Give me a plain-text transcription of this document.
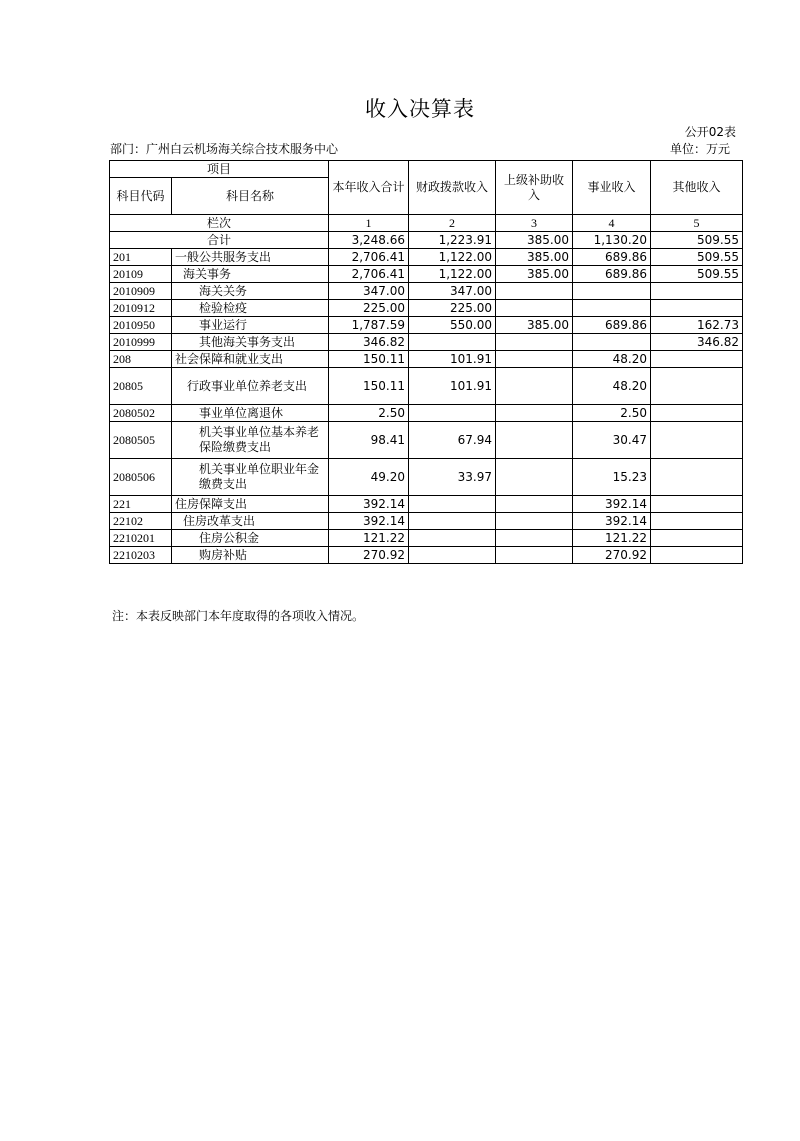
收入决算表
公开02表
部门：广州白云机场海关综合技术服务中心	单位：万元
项目		本年收入合计	财政拨款收入	上级补助收入	事业收入	其他收入
科目代码	科目名称					
栏次		1	2	3	4	5
合计		3,248.66	1,223.91	385.00	1,130.20	509.55
201	一般公共服务支出	2,706.41	1,122.00	385.00	689.86	509.55
20109	海关事务	2,706.41	1,122.00	385.00	689.86	509.55
2010909	海关关务	347.00	347.00			
2010912	检验检疫	225.00	225.00			
2010950	事业运行	1,787.59	550.00	385.00	689.86	162.73
2010999	其他海关事务支出	346.82				346.82
208	社会保障和就业支出	150.11	101.91		48.20	
20805	行政事业单位养老支出	150.11	101.91		48.20	
2080502	事业单位离退休	2.50			2.50	
2080505	机关事业单位基本养老保险缴费支出	98.41	67.94		30.47	
2080506	机关事业单位职业年金缴费支出	49.20	33.97		15.23	
221	住房保障支出	392.14			392.14	
22102	住房改革支出	392.14			392.14	
2210201	住房公积金	121.22			121.22	
2210203	购房补贴	270.92			270.92	
注：本表反映部门本年度取得的各项收入情况。
